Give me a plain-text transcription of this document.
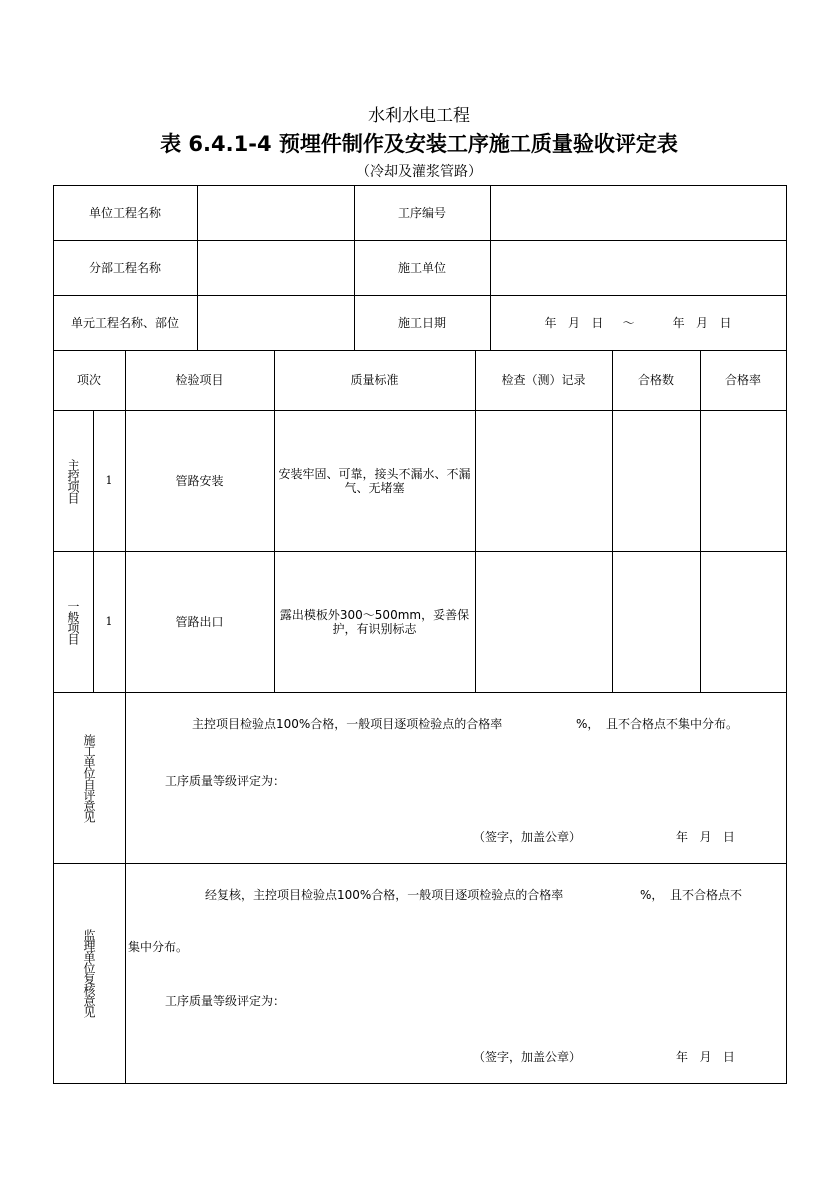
水利水电工程
表 6.4.1-4 预埋件制作及安装工序施工质量验收评定表
（冷却及灌浆管路）
单位工程名称	工序编号
分部工程名称	施工单位
单元工程名称、部位	施工日期	年   月   日     ～          年   月   日
项次	检验项目	质量标准	检查（测）记录	合格数	合格率
主控项目	1	管路安装	安装牢固、可靠，接头不漏水、不漏气、无堵塞
一般项目	1	管路出口	露出模板外300～500mm，妥善保护，有识别标志
施工单位自评意见
主控项目检验点100%合格，一般项目逐项检验点的合格率	%， 且不合格点不集中分布。
工序质量等级评定为：
（签字，加盖公章）	年   月   日
监理单位复核意见
经复核，主控项目检验点100%合格，一般项目逐项检验点的合格率	%， 且不合格点不
集中分布。
工序质量等级评定为：
（签字，加盖公章）	年   月   日
